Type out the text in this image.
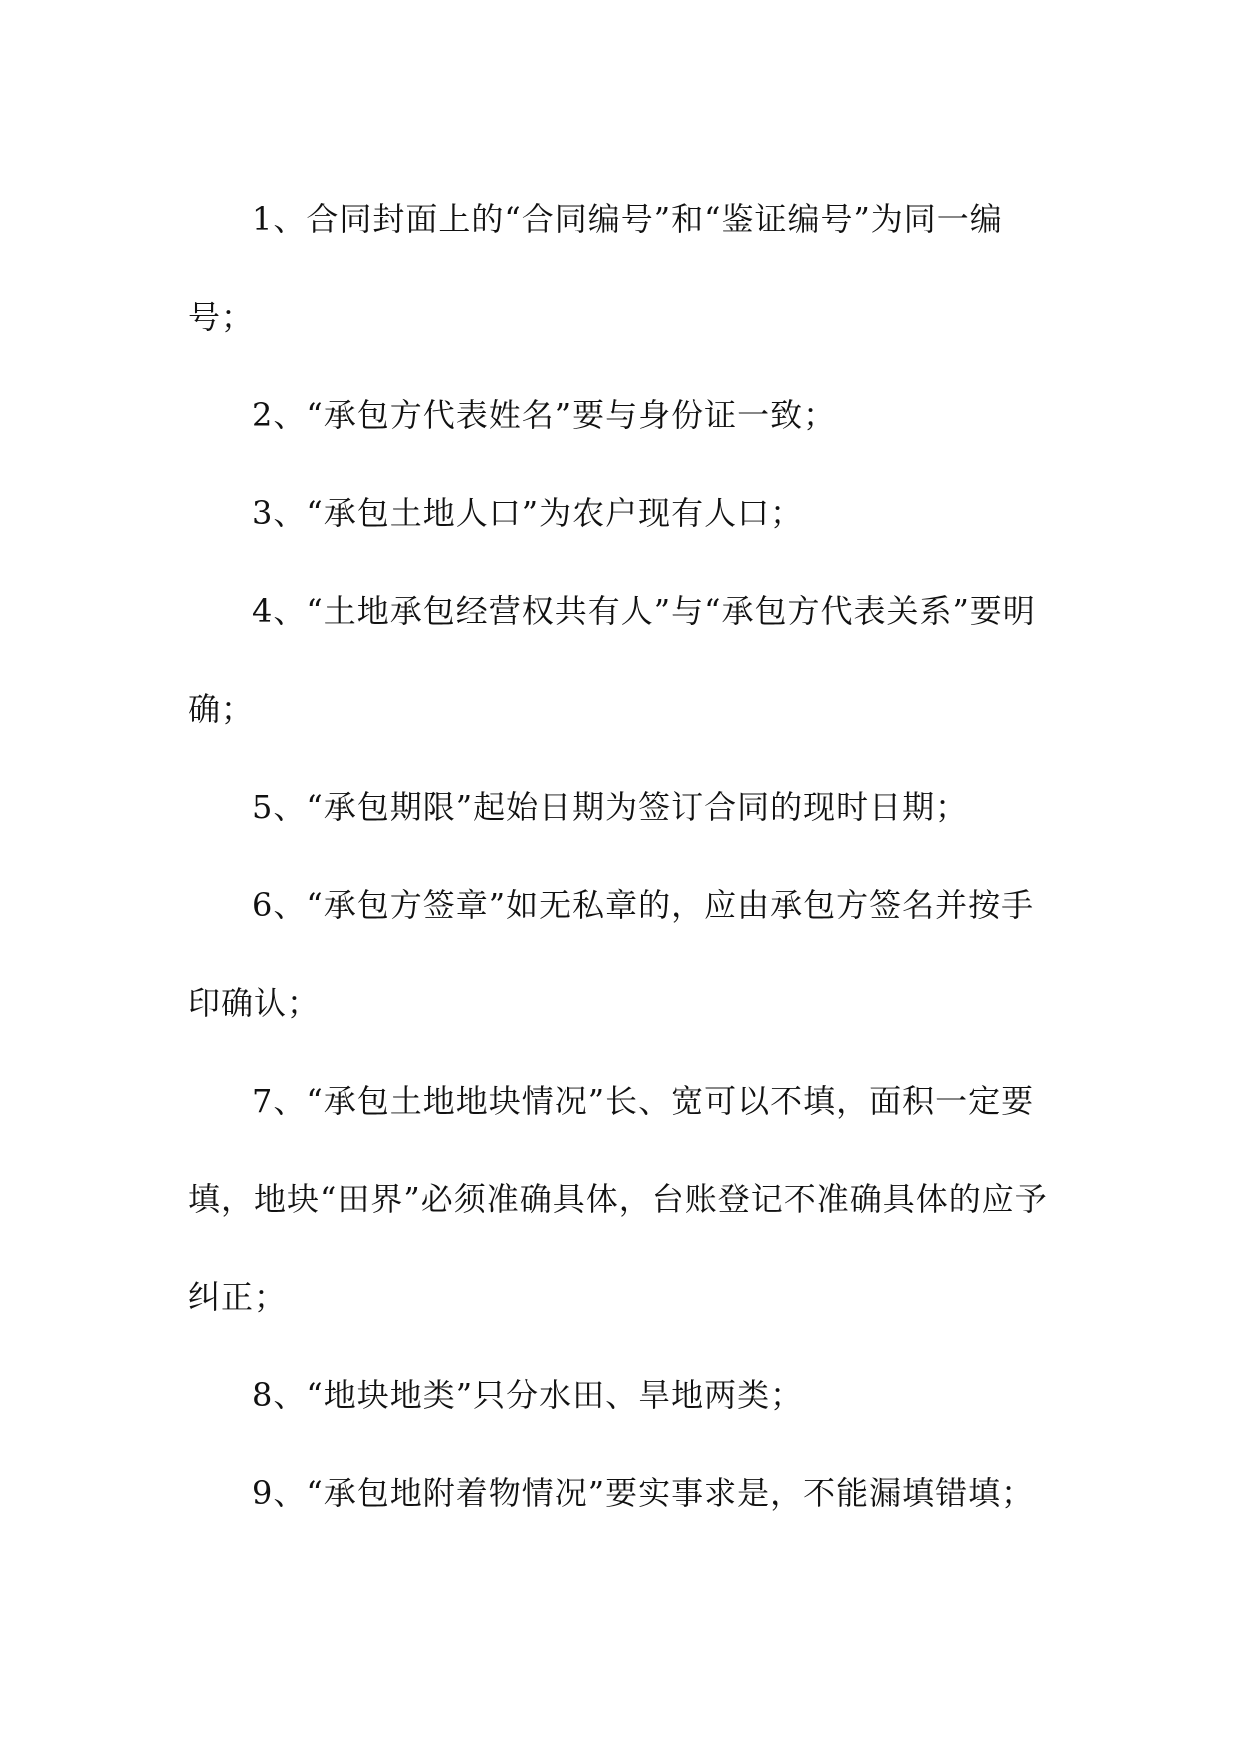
1、合同封面上的“合同编号”和“鉴证编号”为同一编号；

2、“承包方代表姓名”要与身份证一致；

3、“承包土地人口”为农户现有人口；

4、“土地承包经营权共有人”与“承包方代表关系”要明确；

5、“承包期限”起始日期为签订合同的现时日期；

6、“承包方签章”如无私章的，应由承包方签名并按手印确认；

7、“承包土地地块情况”长、宽可以不填，面积一定要填，地块“田界”必须准确具体，台账登记不准确具体的应予纠正；

8、“地块地类”只分水田、旱地两类；

9、“承包地附着物情况”要实事求是，不能漏填错填；
